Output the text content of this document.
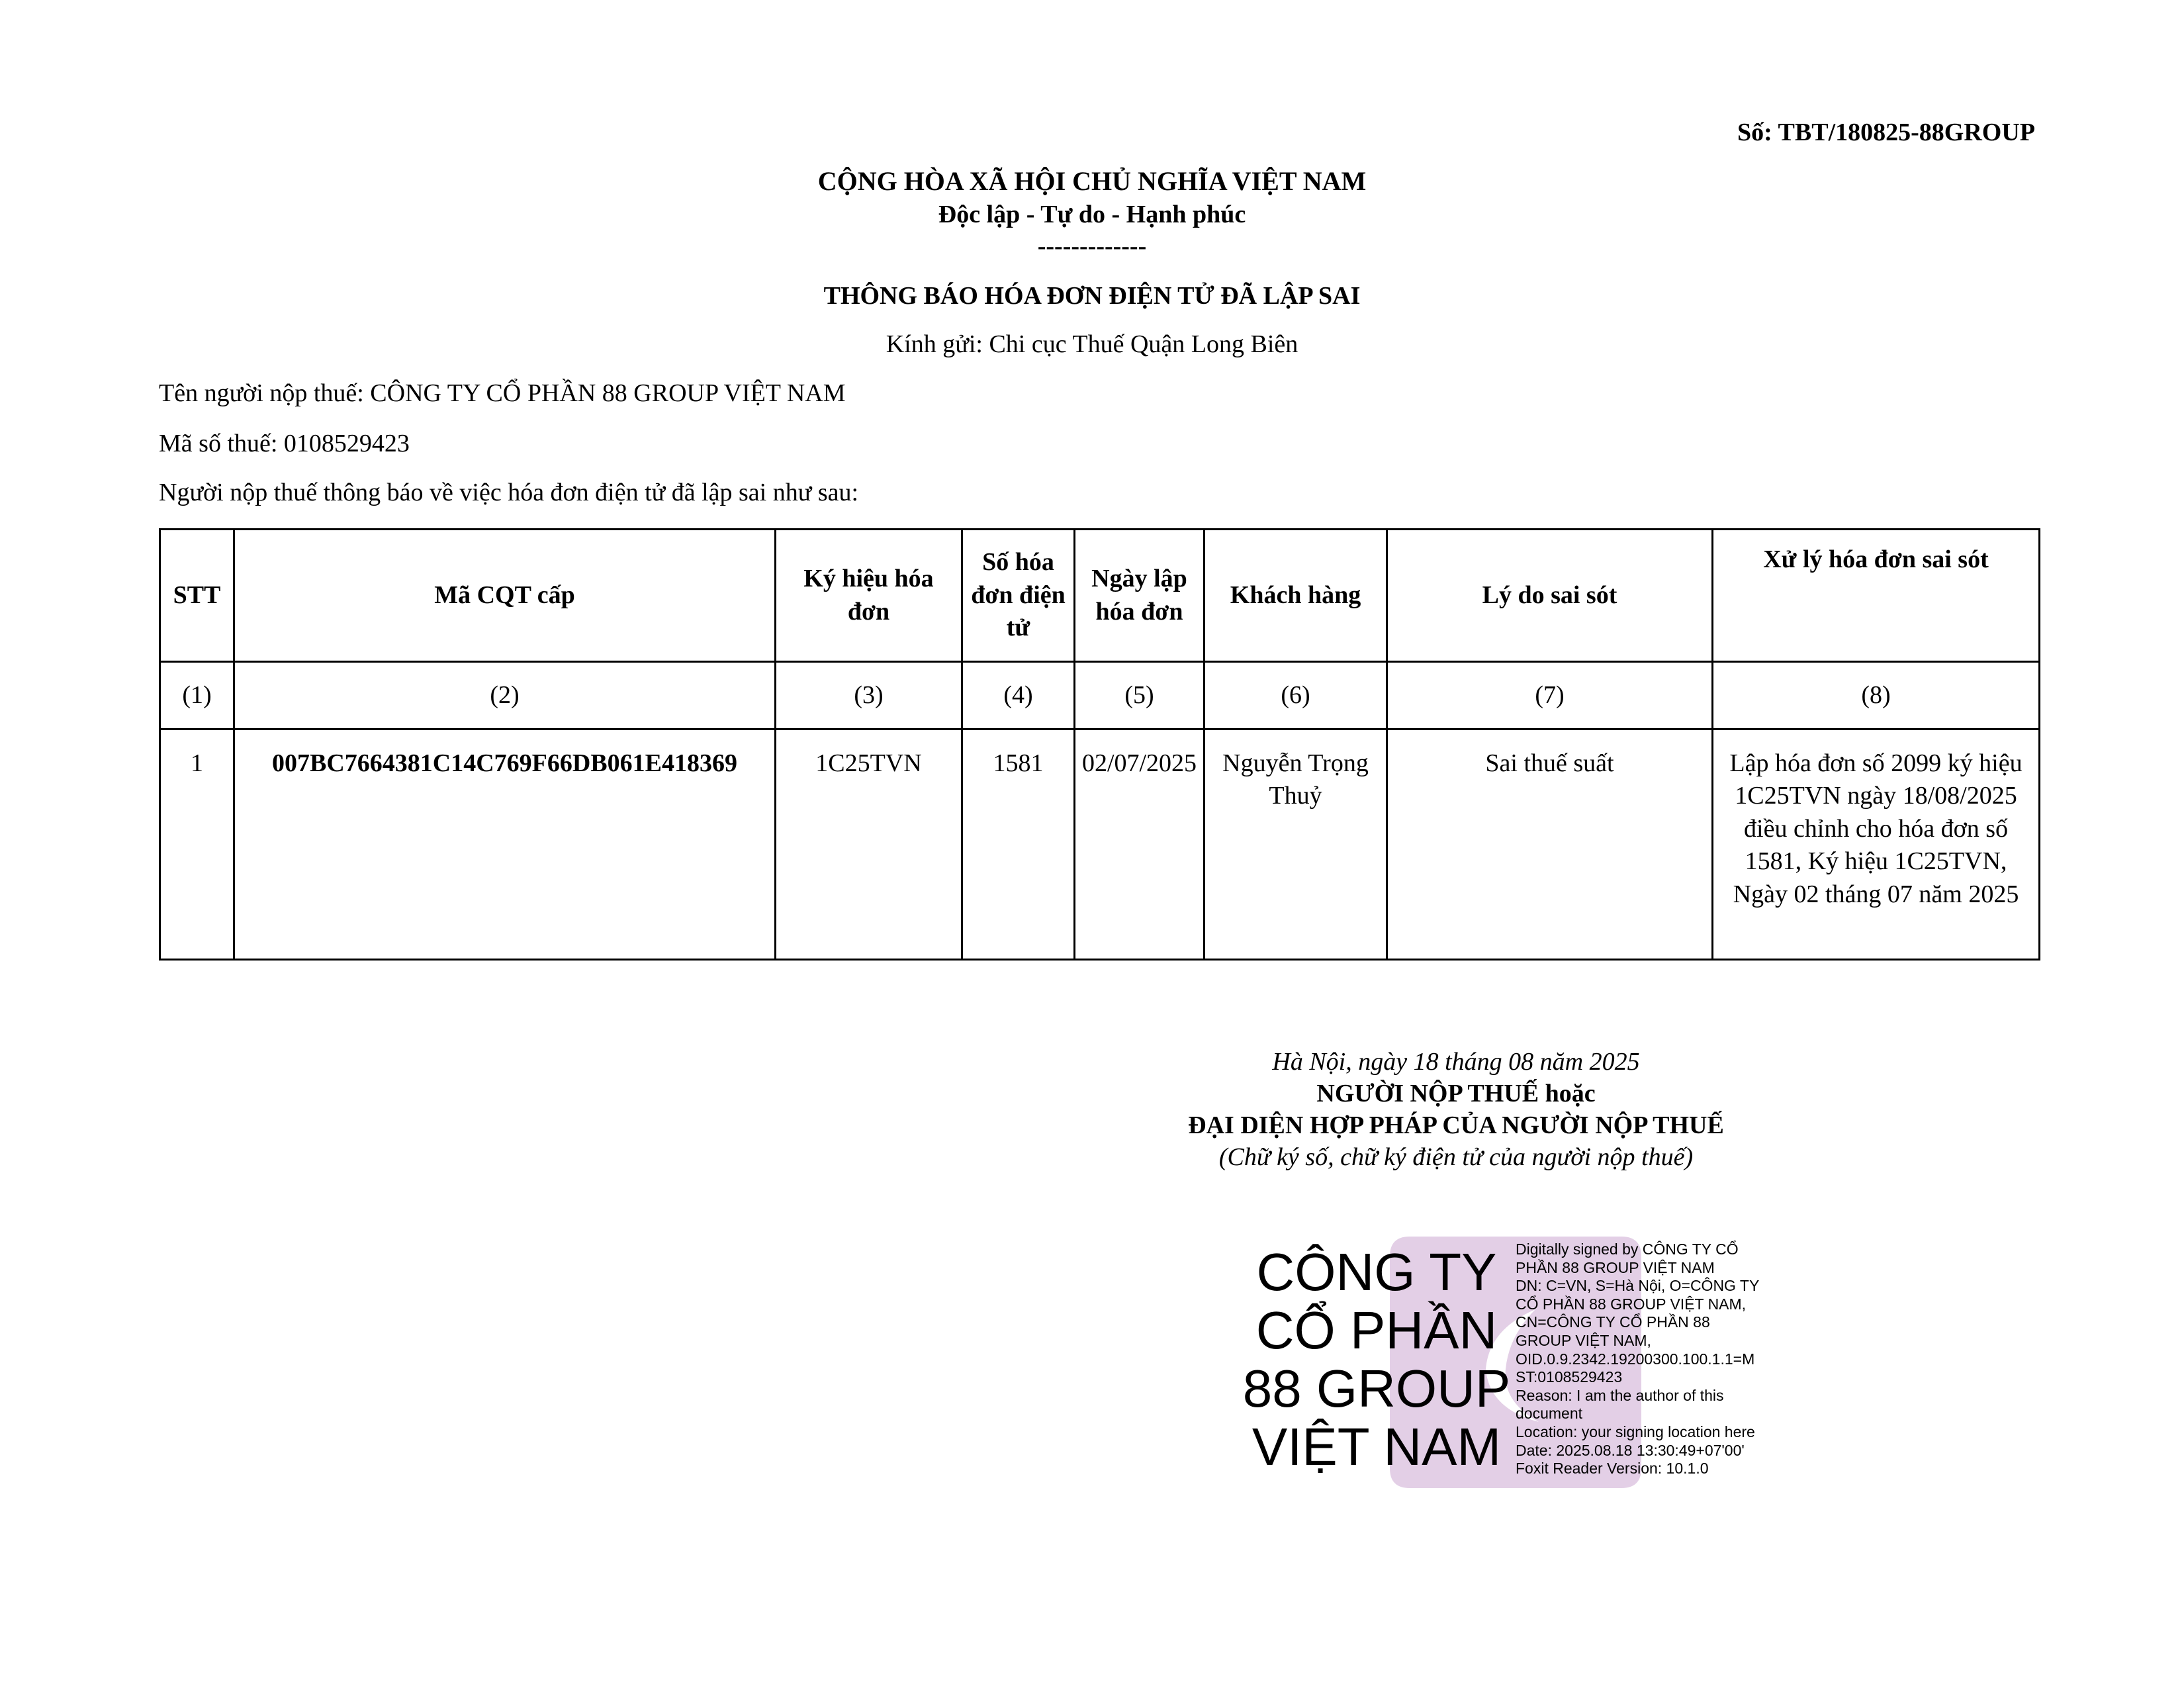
Số: TBT/180825-88GROUP
CỘNG HÒA XÃ HỘI CHỦ NGHĨA VIỆT NAM
Độc lập - Tự do - Hạnh phúc
-------------
THÔNG BÁO HÓA ĐƠN ĐIỆN TỬ ĐÃ LẬP SAI
Kính gửi: Chi cục Thuế Quận Long Biên
Tên người nộp thuế: CÔNG TY CỔ PHẦN 88 GROUP VIỆT NAM
Mã số thuế: 0108529423
Người nộp thuế thông báo về việc hóa đơn điện tử đã lập sai như sau:
STT	Mã CQT cấp	Ký hiệu hóa đơn	Số hóa đơn điện tử	Ngày lập hóa đơn	Khách hàng	Lý do sai sót	Xử lý hóa đơn sai sót
(1)	(2)	(3)	(4)	(5)	(6)	(7)	(8)
1	007BC7664381C14C769F66DB061E418369	1C25TVN	1581	02/07/2025	Nguyễn Trọng Thuỷ	Sai thuế suất	Lập hóa đơn số 2099 ký hiệu 1C25TVN ngày 18/08/2025 điều chỉnh cho hóa đơn số 1581, Ký hiệu 1C25TVN, Ngày 02 tháng 07 năm 2025
Hà Nội, ngày 18 tháng 08 năm 2025
NGƯỜI NỘP THUẾ hoặc
ĐẠI DIỆN HỢP PHÁP CỦA NGƯỜI NỘP THUẾ
(Chữ ký số, chữ ký điện tử của người nộp thuế)
CÔNG TY
CỔ PHẦN
88 GROUP
VIỆT NAM
Digitally signed by CÔNG TY CỔ
PHẦN 88 GROUP VIỆT NAM
DN: C=VN, S=Hà Nội, O=CÔNG TY
CỔ PHẦN 88 GROUP VIỆT NAM,
CN=CÔNG TY CỔ PHẦN 88
GROUP VIỆT NAM,
OID.0.9.2342.19200300.100.1.1=M
ST:0108529423
Reason: I am the author of this
document
Location: your signing location here
Date: 2025.08.18 13:30:49+07'00'
Foxit Reader Version: 10.1.0
